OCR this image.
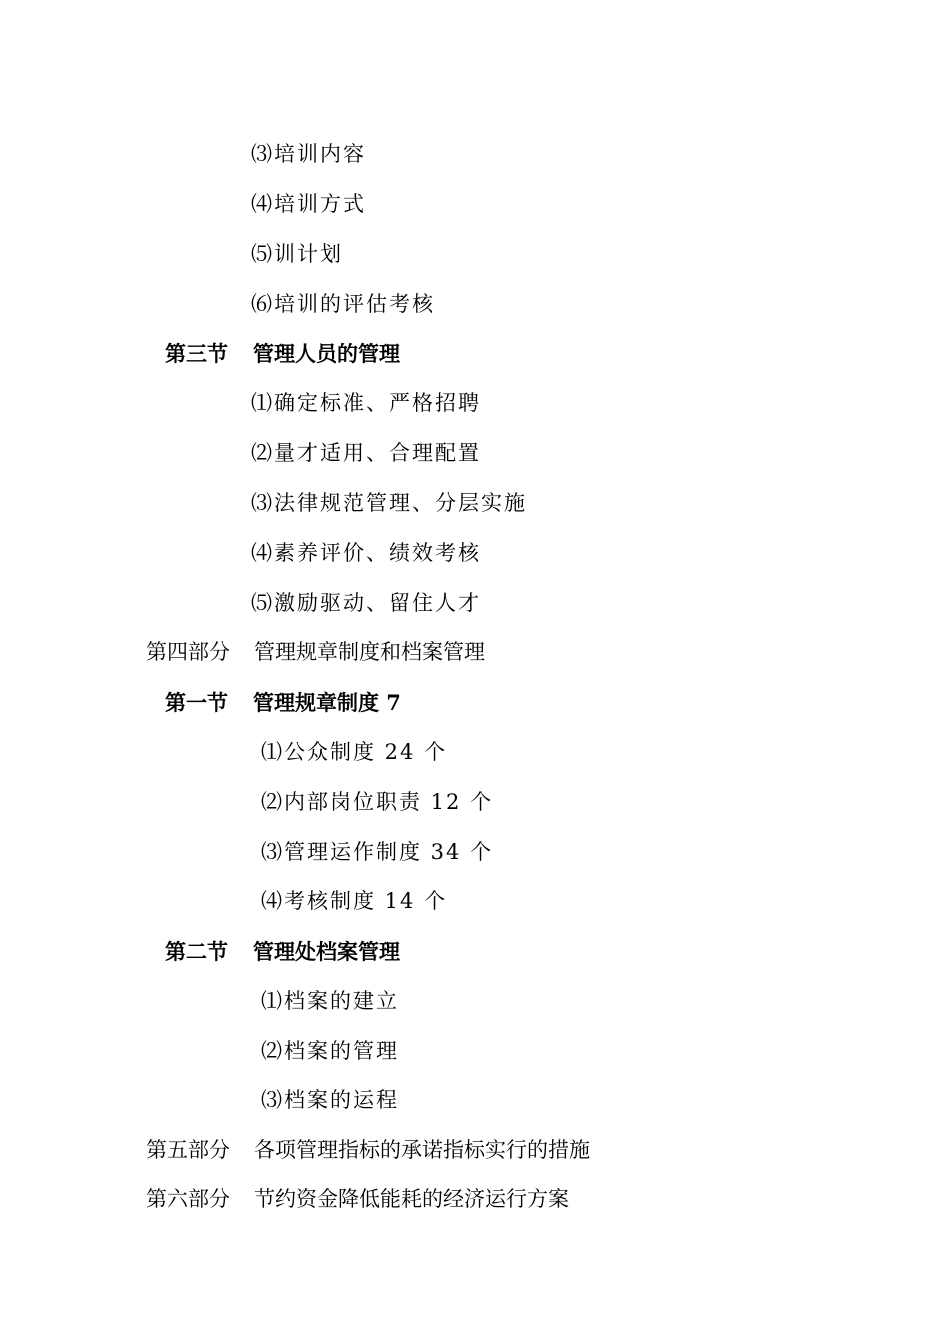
⑶培训内容
⑷培训方式
⑸训计划
⑹培训的评估考核
第三节 管理人员的管理
⑴确定标准、严格招聘
⑵量才适用、合理配置
⑶法律规范管理、分层实施
⑷素养评价、绩效考核
⑸激励驱动、留住人才
第四部分 管理规章制度和档案管理
第一节 管理规章制度 7
⑴公众制度 24 个
⑵内部岗位职责 12 个
⑶管理运作制度 34 个
⑷考核制度 14 个
第二节 管理处档案管理
⑴档案的建立
⑵档案的管理
⑶档案的运程
第五部分 各项管理指标的承诺指标实行的措施
第六部分 节约资金降低能耗的经济运行方案
